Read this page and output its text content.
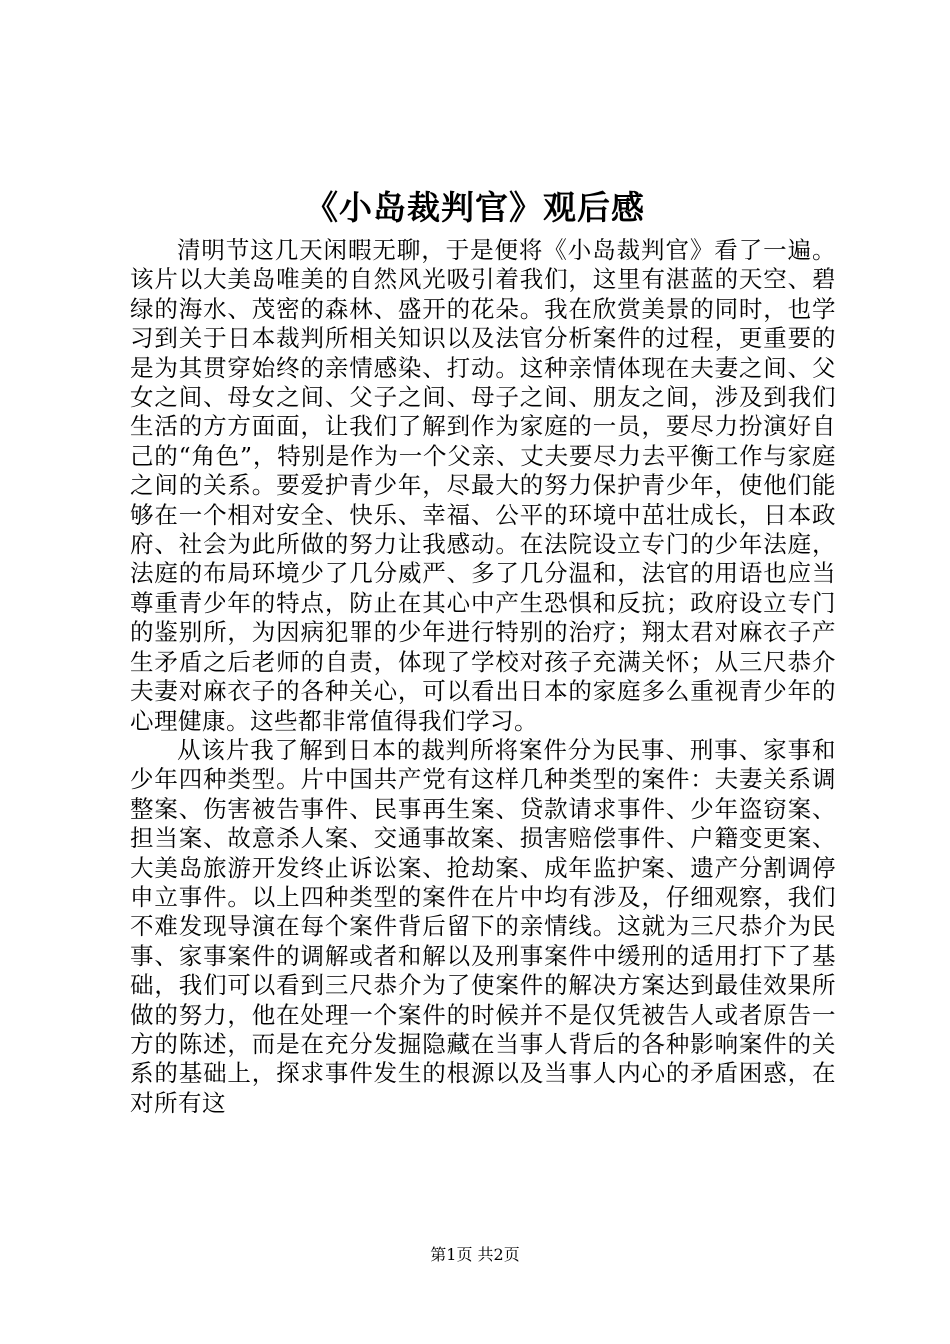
《小岛裁判官》观后感

清明节这几天闲暇无聊，于是便将《小岛裁判官》看了一遍。该片以大美岛唯美的自然风光吸引着我们，这里有湛蓝的天空、碧绿的海水、茂密的森林、盛开的花朵。我在欣赏美景的同时，也学习到关于日本裁判所相关知识以及法官分析案件的过程，更重要的是为其贯穿始终的亲情感染、打动。这种亲情体现在夫妻之间、父女之间、母女之间、父子之间、母子之间、朋友之间，涉及到我们生活的方方面面，让我们了解到作为家庭的一员，要尽力扮演好自己的“角色”，特别是作为一个父亲、丈夫要尽力去平衡工作与家庭之间的关系。要爱护青少年，尽最大的努力保护青少年，使他们能够在一个相对安全、快乐、幸福、公平的环境中茁壮成长，日本政府、社会为此所做的努力让我感动。在法院设立专门的少年法庭，法庭的布局环境少了几分威严、多了几分温和，法官的用语也应当尊重青少年的特点，防止在其心中产生恐惧和反抗；政府设立专门的鉴别所，为因病犯罪的少年进行特别的治疗；翔太君对麻衣子产生矛盾之后老师的自责，体现了学校对孩子充满关怀；从三尺恭介夫妻对麻衣子的各种关心，可以看出日本的家庭多么重视青少年的心理健康。这些都非常值得我们学习。

从该片我了解到日本的裁判所将案件分为民事、刑事、家事和少年四种类型。片中国共产党有这样几种类型的案件：夫妻关系调整案、伤害被告事件、民事再生案、贷款请求事件、少年盗窃案、担当案、故意杀人案、交通事故案、损害赔偿事件、户籍变更案、大美岛旅游开发终止诉讼案、抢劫案、成年监护案、遗产分割调停申立事件。以上四种类型的案件在片中均有涉及，仔细观察，我们不难发现导演在每个案件背后留下的亲情线。这就为三尺恭介为民事、家事案件的调解或者和解以及刑事案件中缓刑的适用打下了基础，我们可以看到三尺恭介为了使案件的解决方案达到最佳效果所做的努力，他在处理一个案件的时候并不是仅凭被告人或者原告一方的陈述，而是在充分发掘隐藏在当事人背后的各种影响案件的关系的基础上，探求事件发生的根源以及当事人内心的矛盾困惑，在对所有这

第1页 共2页
